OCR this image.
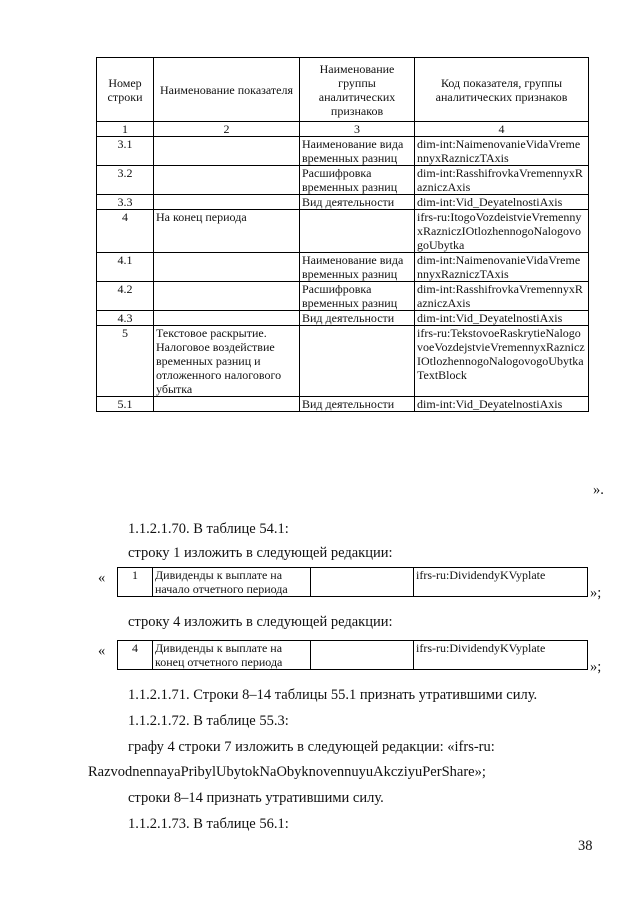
Номер строки	Наименование показателя	Наименование группы аналитических признаков	Код показателя, группы аналитических признаков
1	2	3	4
3.1		Наименование вида временных разниц	dim-int:NaimenovanieVidaVremennyxRazniczTAxis
3.2		Расшифровка временных разниц	dim-int:RasshifrovkaVremennyxRazniczAxis
3.3		Вид деятельности	dim-int:Vid_DeyatelnostiAxis
4	На конец периода		ifrs-ru:ItogoVozdeistvieVremennyxRazniczIOtlozhennogoNalogovogoUbytka
4.1		Наименование вида временных разниц	dim-int:NaimenovanieVidaVremennyxRazniczTAxis
4.2		Расшифровка временных разниц	dim-int:RasshifrovkaVremennyxRazniczAxis
4.3		Вид деятельности	dim-int:Vid_DeyatelnostiAxis
5	Текстовое раскрытие. Налоговое воздействие временных разниц и отложенного налогового убытка		ifrs-ru:TekstovoeRaskrytieNalogovoeVozdejstvieVremennyxRazniczIOtlozhennogoNalogovogoUbytkaTextBlock
5.1		Вид деятельности	dim-int:Vid_DeyatelnostiAxis
».
1.1.2.1.70. В таблице 54.1:
строку 1 изложить в следующей редакции:
« 1	Дивиденды к выплате на начало отчетного периода		ifrs-ru:DividendyKVyplate
»;
строку 4 изложить в следующей редакции:
« 4	Дивиденды к выплате на конец отчетного периода		ifrs-ru:DividendyKVyplate
»;
1.1.2.1.71. Строки 8–14 таблицы 55.1 признать утратившими силу.
1.1.2.1.72. В таблице 55.3:
графу 4 строки 7 изложить в следующей редакции: «ifrs-ru:
RazvodnennayaPribylUbytokNaObyknovennuyuAkcziyuPerShare»;
строки 8–14 признать утратившими силу.
1.1.2.1.73. В таблице 56.1:
38
